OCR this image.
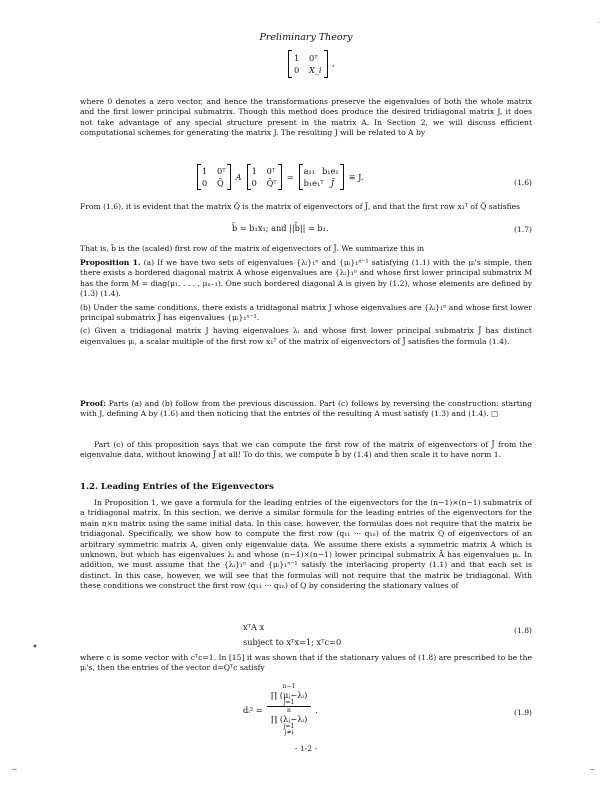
Preliminary Theory
1	0ᵀ
0	X_i
,

where 0 denotes a zero vector, and hence the transformations preserve the eigenvalues of both the whole matrix and the first lower principal submatrix. Though this method does produce the desired tridiagonal matrix J, it does not take advantage of any special structure present in the matrix A. In Section 2, we will discuss efficient computational schemes for generating the matrix J. The resulting J will be related to A by

1	0ᵀ
0	Q̄
A
1	0ᵀ
0	Q̄ᵀ
=
a₁₁ b₁e₁
b₁e₁ᵀ J̄
≡ J.
(1.6)

From (1.6), it is evident that the matrix Q̄ is the matrix of eigenvectors of J̄, and that the first row x₁ᵀ of Q̄ satisfies

b̄ = b₁x₁; and ||b̄|| = b₁.	(1.7)

That is, b̄ is the (scaled) first row of the matrix of eigenvectors of J̄. We summarize this in

Proposition 1. (a) If we have two sets of eigenvalues {λᵢ}₁ⁿ and {μᵢ}₁ⁿ⁻¹ satisfying (1.1) with the μᵢ's simple, then there exists a bordered diagonal matrix A whose eigenvalues are {λᵢ}₁ⁿ and whose first lower principal submatrix M has the form M = diag(μ₁, . . . , μₙ₋₁). One such bordered diagonal A is given by (1.2), whose elements are defined by (1.3) (1.4).

(b) Under the same conditions, there exists a tridiagonal matrix J whose eigenvalues are {λᵢ}₁ⁿ and whose first lower principal submatrix J̄ has eigenvalues {μᵢ}₁ⁿ⁻¹.

(c) Given a tridiagonal matrix J having eigenvalues λᵢ and whose first lower principal submatrix J̄ has distinct eigenvalues μᵢ, a scalar multiple of the first row x₁ᵀ of the matrix of eigenvectors of J̄ satisfies the formula (1.4).

Proof: Parts (a) and (b) follow from the previous discussion. Part (c) follows by reversing the construction: starting with J, defining A by (1.6) and then noticing that the entries of the resulting A must satisfy (1.3) and (1.4). □

Part (c) of this proposition says that we can compute the first row of the matrix of eigenvectors of J̄ from the eigenvalue data, without knowing J̄ at all! To do this, we compute b̄ by (1.4) and then scale it to have norm 1.

1.2. Leading Entries of the Eigenvectors

In Proposition 1, we gave a formula for the leading entries of the eigenvectors for the (n−1)×(n−1) submatrix of a tridiagonal matrix. In this section, we derive a similar formula for the leading entries of the eigenvectors for the main n×n matrix using the same initial data. In this case, however, the formulas does not require that the matrix be tridiagonal. Specifically, we show how to compute the first row (q₁₁ ··· q₁ₙ) of the matrix Q of eigenvectors of an arbitrary symmetric matrix A, given only eigenvalue data. We assume there exists a symmetric matrix A which is unknown, but which has eigenvalues λᵢ and whose (n−1)×(n−1) lower principal submatrix Ā has eigenvalues μᵢ. In addition, we must assume that the {λᵢ}₁ⁿ and {μᵢ}₁ⁿ⁻¹ satisfy the interlacing property (1.1) and that each set is distinct. In this case, however, we will see that the formulas will not require that the matrix be tridiagonal. With these conditions we construct the first row (q₁₁ ··· q₁ₙ) of Q by considering the stationary values of

xᵀA x
subject to xᵀx=1; xᵀc=0
(1.8)

where c is some vector with cᵀc=1. In [15] it was shown that if the stationary values of (1.8) are prescribed to be the μᵢ's, then the entries of the vector d=Qᵀc satisfy

dᵢ² = n−1
∏ (μⱼ−λᵢ)
j=1
n
∏ (λⱼ−λᵢ)
j=1
j≠i .	(1.9)
- 1-2 -
–	–
•
·
